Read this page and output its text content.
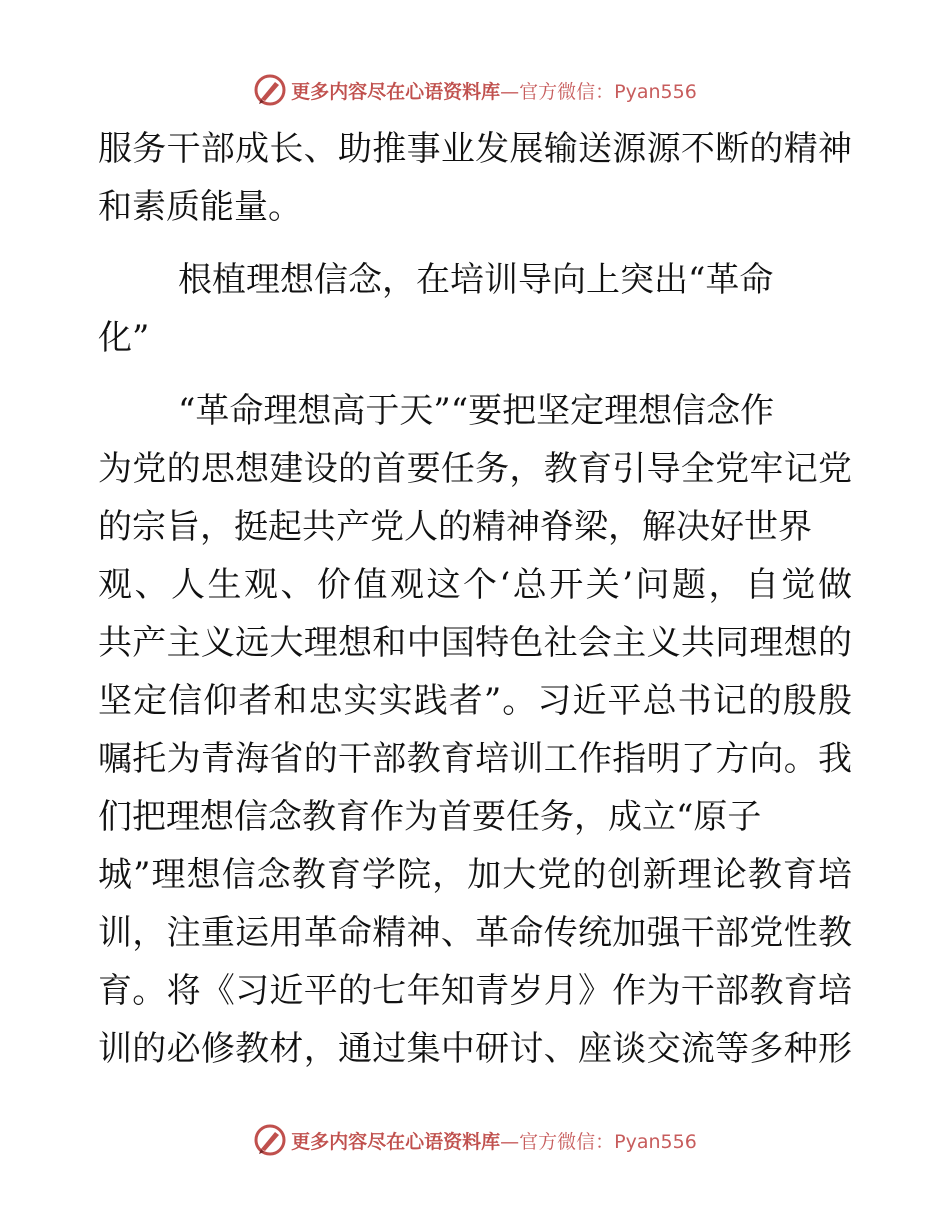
更多内容尽在心语资料库—官方微信：Pyan556
服务干部成长、助推事业发展输送源源不断的精神
和素质能量。
根植理想信念，在培训导向上突出“革命
化”
“革命理想高于天”“要把坚定理想信念作
为党的思想建设的首要任务，教育引导全党牢记党
的宗旨，挺起共产党人的精神脊梁，解决好世界
观、人生观、价值观这个‘总开关’问题，自觉做
共产主义远大理想和中国特色社会主义共同理想的
坚定信仰者和忠实实践者”。习近平总书记的殷殷
嘱托为青海省的干部教育培训工作指明了方向。我
们把理想信念教育作为首要任务，成立“原子
城”理想信念教育学院，加大党的创新理论教育培
训，注重运用革命精神、革命传统加强干部党性教
育。将《习近平的七年知青岁月》作为干部教育培
训的必修教材，通过集中研讨、座谈交流等多种形
更多内容尽在心语资料库—官方微信：Pyan556
